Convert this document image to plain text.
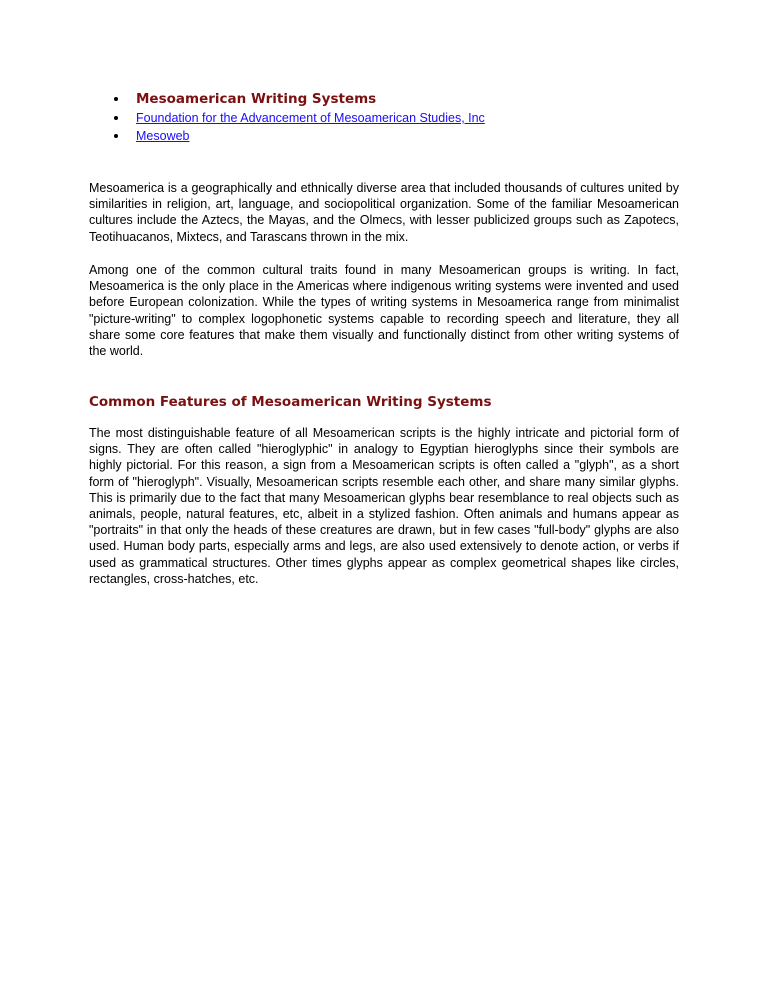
Mesoamerican Writing Systems
Foundation for the Advancement of Mesoamerican Studies, Inc
Mesoweb

Mesoamerica is a geographically and ethnically diverse area that included thousands of cultures united by similarities in religion, art, language, and sociopolitical organization. Some of the familiar Mesoamerican cultures include the Aztecs, the Mayas, and the Olmecs, with lesser publicized groups such as Zapotecs, Teotihuacanos, Mixtecs, and Tarascans thrown in the mix.

Among one of the common cultural traits found in many Mesoamerican groups is writing. In fact, Mesoamerica is the only place in the Americas where indigenous writing systems were invented and used before European colonization. While the types of writing systems in Mesoamerica range from minimalist "picture-writing" to complex logophonetic systems capable to recording speech and literature, they all share some core features that make them visually and functionally distinct from other writing systems of the world.

Common Features of Mesoamerican Writing Systems

The most distinguishable feature of all Mesoamerican scripts is the highly intricate and pictorial form of signs. They are often called "hieroglyphic" in analogy to Egyptian hieroglyphs since their symbols are highly pictorial. For this reason, a sign from a Mesoamerican scripts is often called a "glyph", as a short form of "hieroglyph". Visually, Mesoamerican scripts resemble each other, and share many similar glyphs. This is primarily due to the fact that many Mesoamerican glyphs bear resemblance to real objects such as animals, people, natural features, etc, albeit in a stylized fashion. Often animals and humans appear as "portraits" in that only the heads of these creatures are drawn, but in few cases "full-body" glyphs are also used. Human body parts, especially arms and legs, are also used extensively to denote action, or verbs if used as grammatical structures. Other times glyphs appear as complex geometrical shapes like circles, rectangles, cross-hatches, etc.
